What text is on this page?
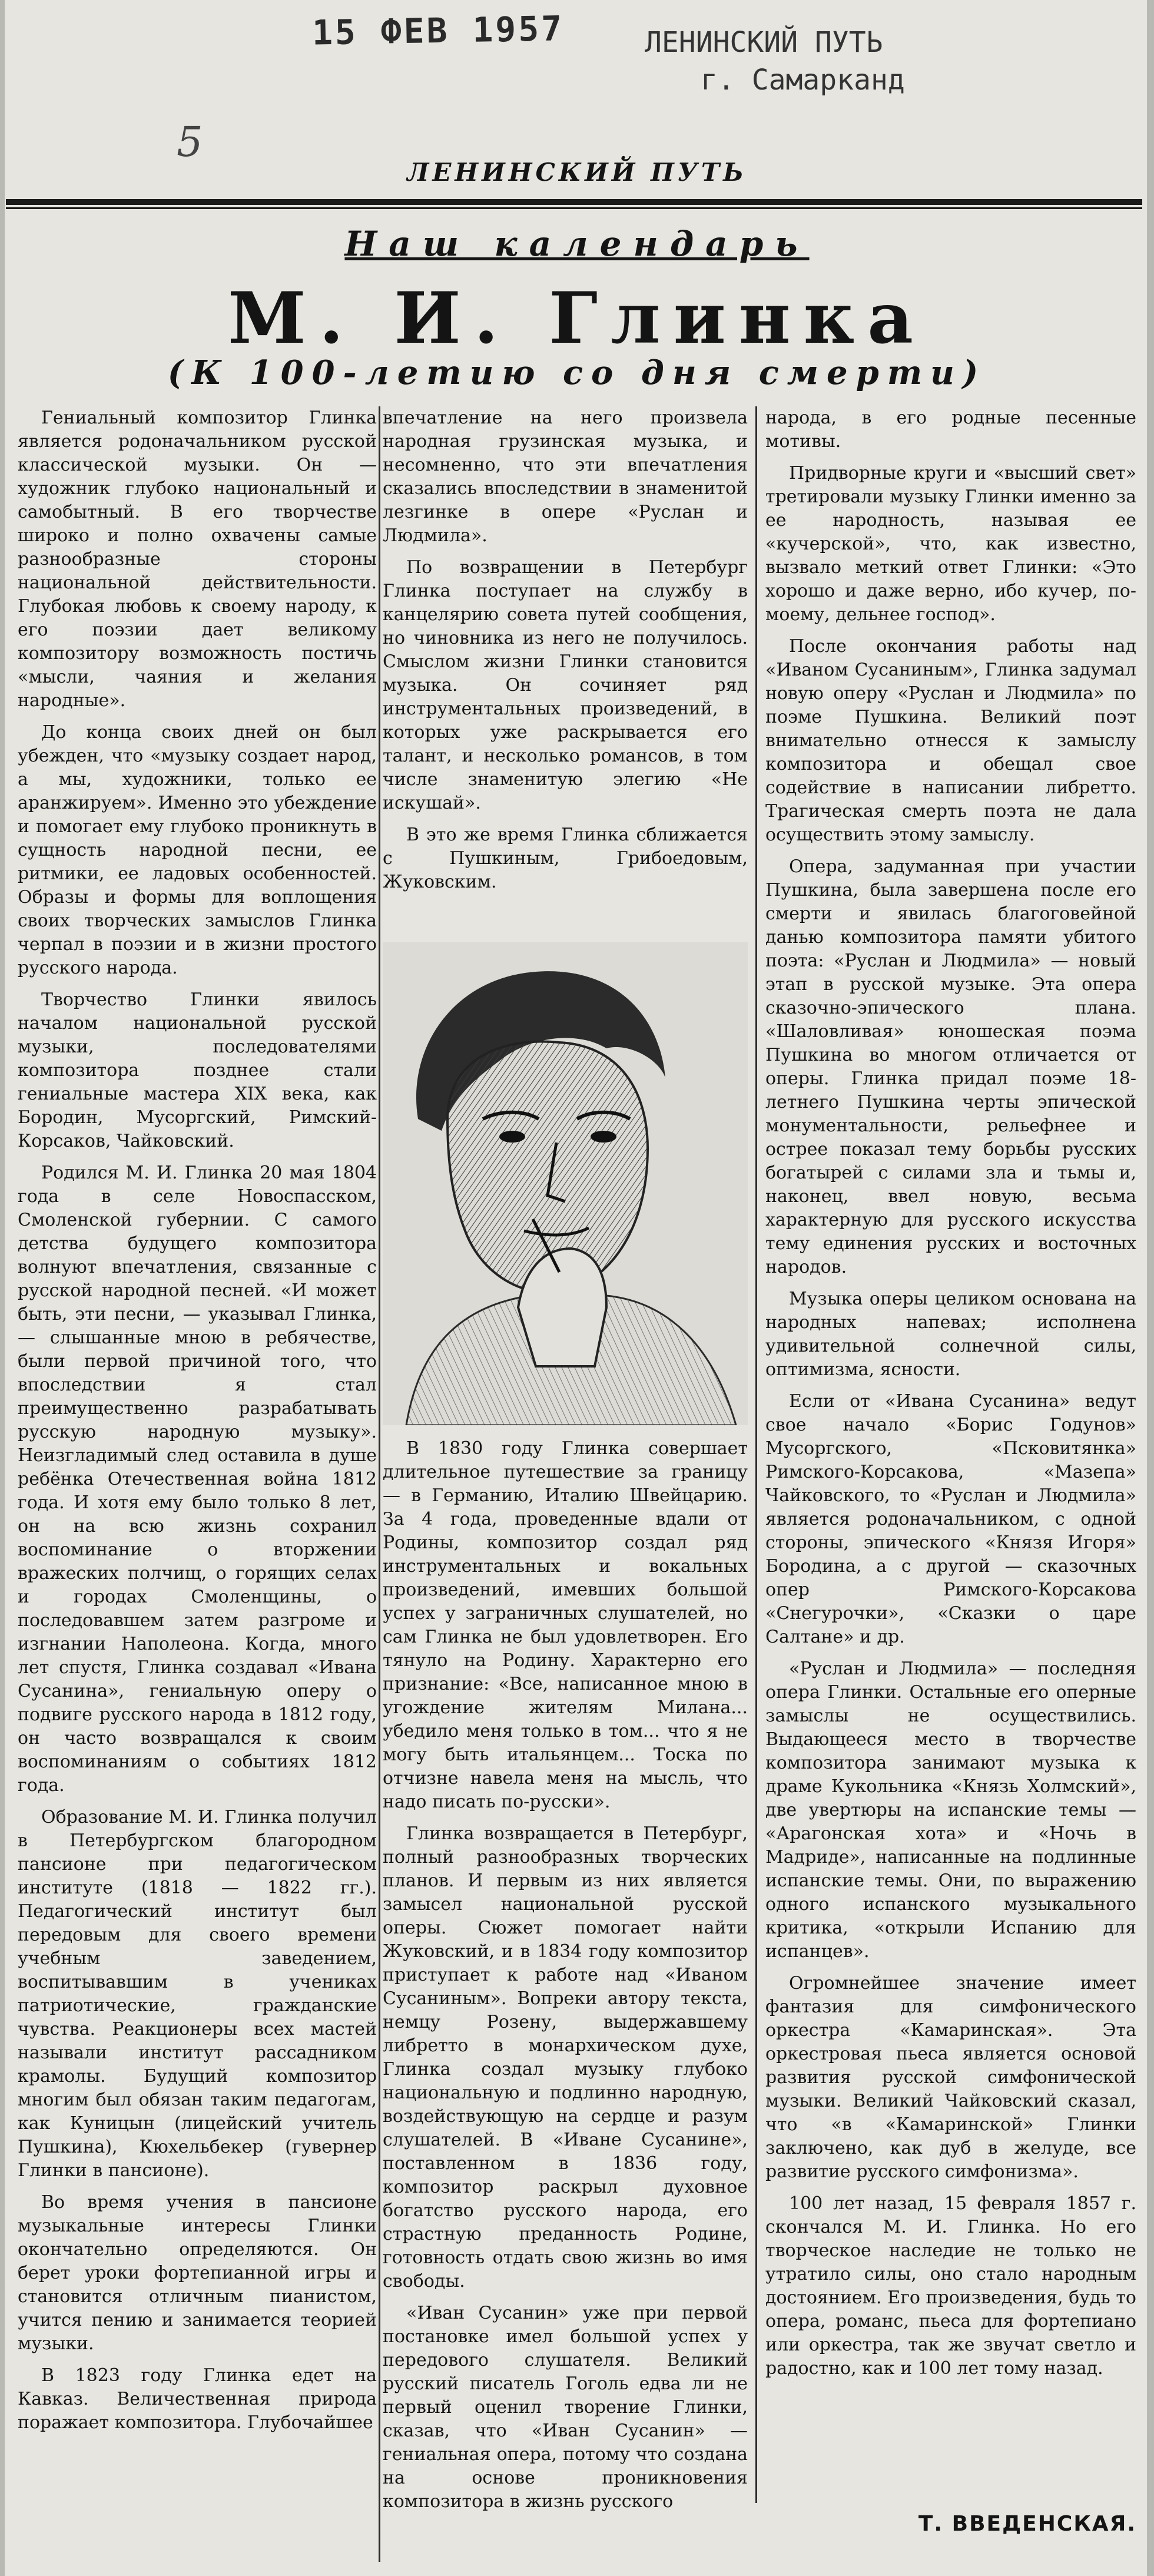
15 ФЕВ 1957	ЛЕНИНСКИЙ ПУТЬ
г. Самарканд
5
ЛЕНИНСКИЙ ПУТЬ
Наш календарь
М. И. Глинка
(К 100-летию со дня смерти)

Гениальный композитор Глинка является родоначальником русской классической музыки. Он — художник глубоко национальный и самобытный. В его творчестве широко и полно охвачены самые разнообразные стороны национальной действительности. Глубокая любовь к своему народу, к его поэзии дает великому композитору возможность постичь «мысли, чаяния и желания народные».

До конца своих дней он был убежден, что «музыку создает народ, а мы, художники, только ее аранжируем». Именно это убеждение и помогает ему глубоко проникнуть в сущность народной песни, ее ритмики, ее ладовых особенностей. Образы и формы для воплощения своих творческих замыслов Глинка черпал в поэзии и в жизни простого русского народа.

Творчество Глинки явилось началом национальной русской музыки, последователями композитора позднее стали гениальные мастера XIX века, как Бородин, Мусоргский, Римский-Корсаков, Чайковский.

Родился М. И. Глинка 20 мая 1804 года в селе Новоспасском, Смоленской губернии. С самого детства будущего композитора волнуют впечатления, связанные с русской народной песней. «И может быть, эти песни, — указывал Глинка, — слышанные мною в ребячестве, были первой причиной того, что впоследствии я стал преимущественно разрабатывать русскую народную музыку». Неизгладимый след оставила в душе ребёнка Отечественная война 1812 года. И хотя ему было только 8 лет, он на всю жизнь сохранил воспоминание о вторжении вражеских полчищ, о горящих селах и городах Смоленщины, о последовавшем затем разгроме и изгнании Наполеона. Когда, много лет спустя, Глинка создавал «Ивана Сусанина», гениальную оперу о подвиге русского народа в 1812 году, он часто возвращался к своим воспоминаниям о событиях 1812 года.

Образование М. И. Глинка получил в Петербургском благородном пансионе при педагогическом институте (1818 — 1822 гг.). Педагогический институт был передовым для своего времени учебным заведением, воспитывавшим в учениках патриотические, гражданские чувства. Реакционеры всех мастей называли институт рассадником крамолы. Будущий композитор многим был обязан таким педагогам, как Куницын (лицейский учитель Пушкина), Кюхельбекер (гувернер Глинки в пансионе).

Во время учения в пансионе музыкальные интересы Глинки окончательно определяются. Он берет уроки фортепианной игры и становится отличным пианистом, учится пению и занимается теорией музыки.

В 1823 году Глинка едет на Кавказ. Величественная природа поражает композитора. Глубочайшее

впечатление на него произвела народная грузинская музыка, и несомненно, что эти впечатления сказались впоследствии в знаменитой лезгинке в опере «Руслан и Людмила».

По возвращении в Петербург Глинка поступает на службу в канцелярию совета путей сообщения, но чиновника из него не получилось. Смыслом жизни Глинки становится музыка. Он сочиняет ряд инструментальных произведений, в которых уже раскрывается его талант, и несколько романсов, в том числе знаменитую элегию «Не искушай».

В это же время Глинка сближается с Пушкиным, Грибоедовым, Жуковским.

В 1830 году Глинка совершает длительное путешествие за границу — в Германию, Италию Швейцарию. За 4 года, проведенные вдали от Родины, композитор создал ряд инструментальных и вокальных произведений, имевших большой успех у заграничных слушателей, но сам Глинка не был удовлетворен. Его тянуло на Родину. Характерно его признание: «Все, написанное мною в угождение жителям Милана... убедило меня только в том... что я не могу быть итальянцем... Тоска по отчизне навела меня на мысль, что надо писать по-русски».

Глинка возвращается в Петербург, полный разнообразных творческих планов. И первым из них является замысел национальной русской оперы. Сюжет помогает найти Жуковский, и в 1834 году композитор приступает к работе над «Иваном Сусаниным». Вопреки автору текста, немцу Розену, выдержавшему либретто в монархическом духе, Глинка создал музыку глубоко национальную и подлинно народную, воздействующую на сердце и разум слушателей. В «Иване Сусанине», поставленном в 1836 году, композитор раскрыл духовное богатство русского народа, его страстную преданность Родине, готовность отдать свою жизнь во имя свободы.

«Иван Сусанин» уже при первой постановке имел большой успех у передового слушателя. Великий русский писатель Гоголь едва ли не первый оценил творение Глинки, сказав, что «Иван Сусанин» — гениальная опера, потому что создана на основе проникновения композитора в жизнь русского

народа, в его родные песенные мотивы.

Придворные круги и «высший свет» третировали музыку Глинки именно за ее народность, называя ее «кучерской», что, как известно, вызвало меткий ответ Глинки: «Это хорошо и даже верно, ибо кучер, по-моему, дельнее господ».

После окончания работы над «Иваном Сусаниным», Глинка задумал новую оперу «Руслан и Людмила» по поэме Пушкина. Великий поэт внимательно отнесся к замыслу композитора и обещал свое содействие в написании либретто. Трагическая смерть поэта не дала осуществить этому замыслу.

Опера, задуманная при участии Пушкина, была завершена после его смерти и явилась благоговейной данью композитора памяти убитого поэта: «Руслан и Людмила» — новый этап в русской музыке. Эта опера сказочно-эпического плана. «Шаловливая» юношеская поэма Пушкина во многом отличается от оперы. Глинка придал поэме 18-летнего Пушкина черты эпической монументальности, рельефнее и острее показал тему борьбы русских богатырей с силами зла и тьмы и, наконец, ввел новую, весьма характерную для русского искусства тему единения русских и восточных народов.

Музыка оперы целиком основана на народных напевах; исполнена удивительной солнечной силы, оптимизма, ясности.

Если от «Ивана Сусанина» ведут свое начало «Борис Годунов» Мусоргского, «Псковитянка» Римского-Корсакова, «Мазепа» Чайковского, то «Руслан и Людмила» является родоначальником, с одной стороны, эпического «Князя Игоря» Бородина, а с другой — сказочных опер Римского-Корсакова «Снегурочки», «Сказки о царе Салтане» и др.

«Руслан и Людмила» — последняя опера Глинки. Остальные его оперные замыслы не осуществились. Выдающееся место в творчестве композитора занимают музыка к драме Кукольника «Князь Холмский», две увертюры на испанские темы — «Арагонская хота» и «Ночь в Мадриде», написанные на подлинные испанские темы. Они, по выражению одного испанского музыкального критика, «открыли Испанию для испанцев».

Огромнейшее значение имеет фантазия для симфонического оркестра «Камаринская». Эта оркестровая пьеса является основой развития русской симфонической музыки. Великий Чайковский сказал, что «в «Камаринской» Глинки заключено, как дуб в желуде, все развитие русского симфонизма».

100 лет назад, 15 февраля 1857 г. скончался М. И. Глинка. Но его творческое наследие не только не утратило силы, оно стало народным достоянием. Его произведения, будь то опера, романс, пьеса для фортепиано или оркестра, так же звучат светло и радостно, как и 100 лет тому назад.

Т. ВВЕДЕНСКАЯ.
